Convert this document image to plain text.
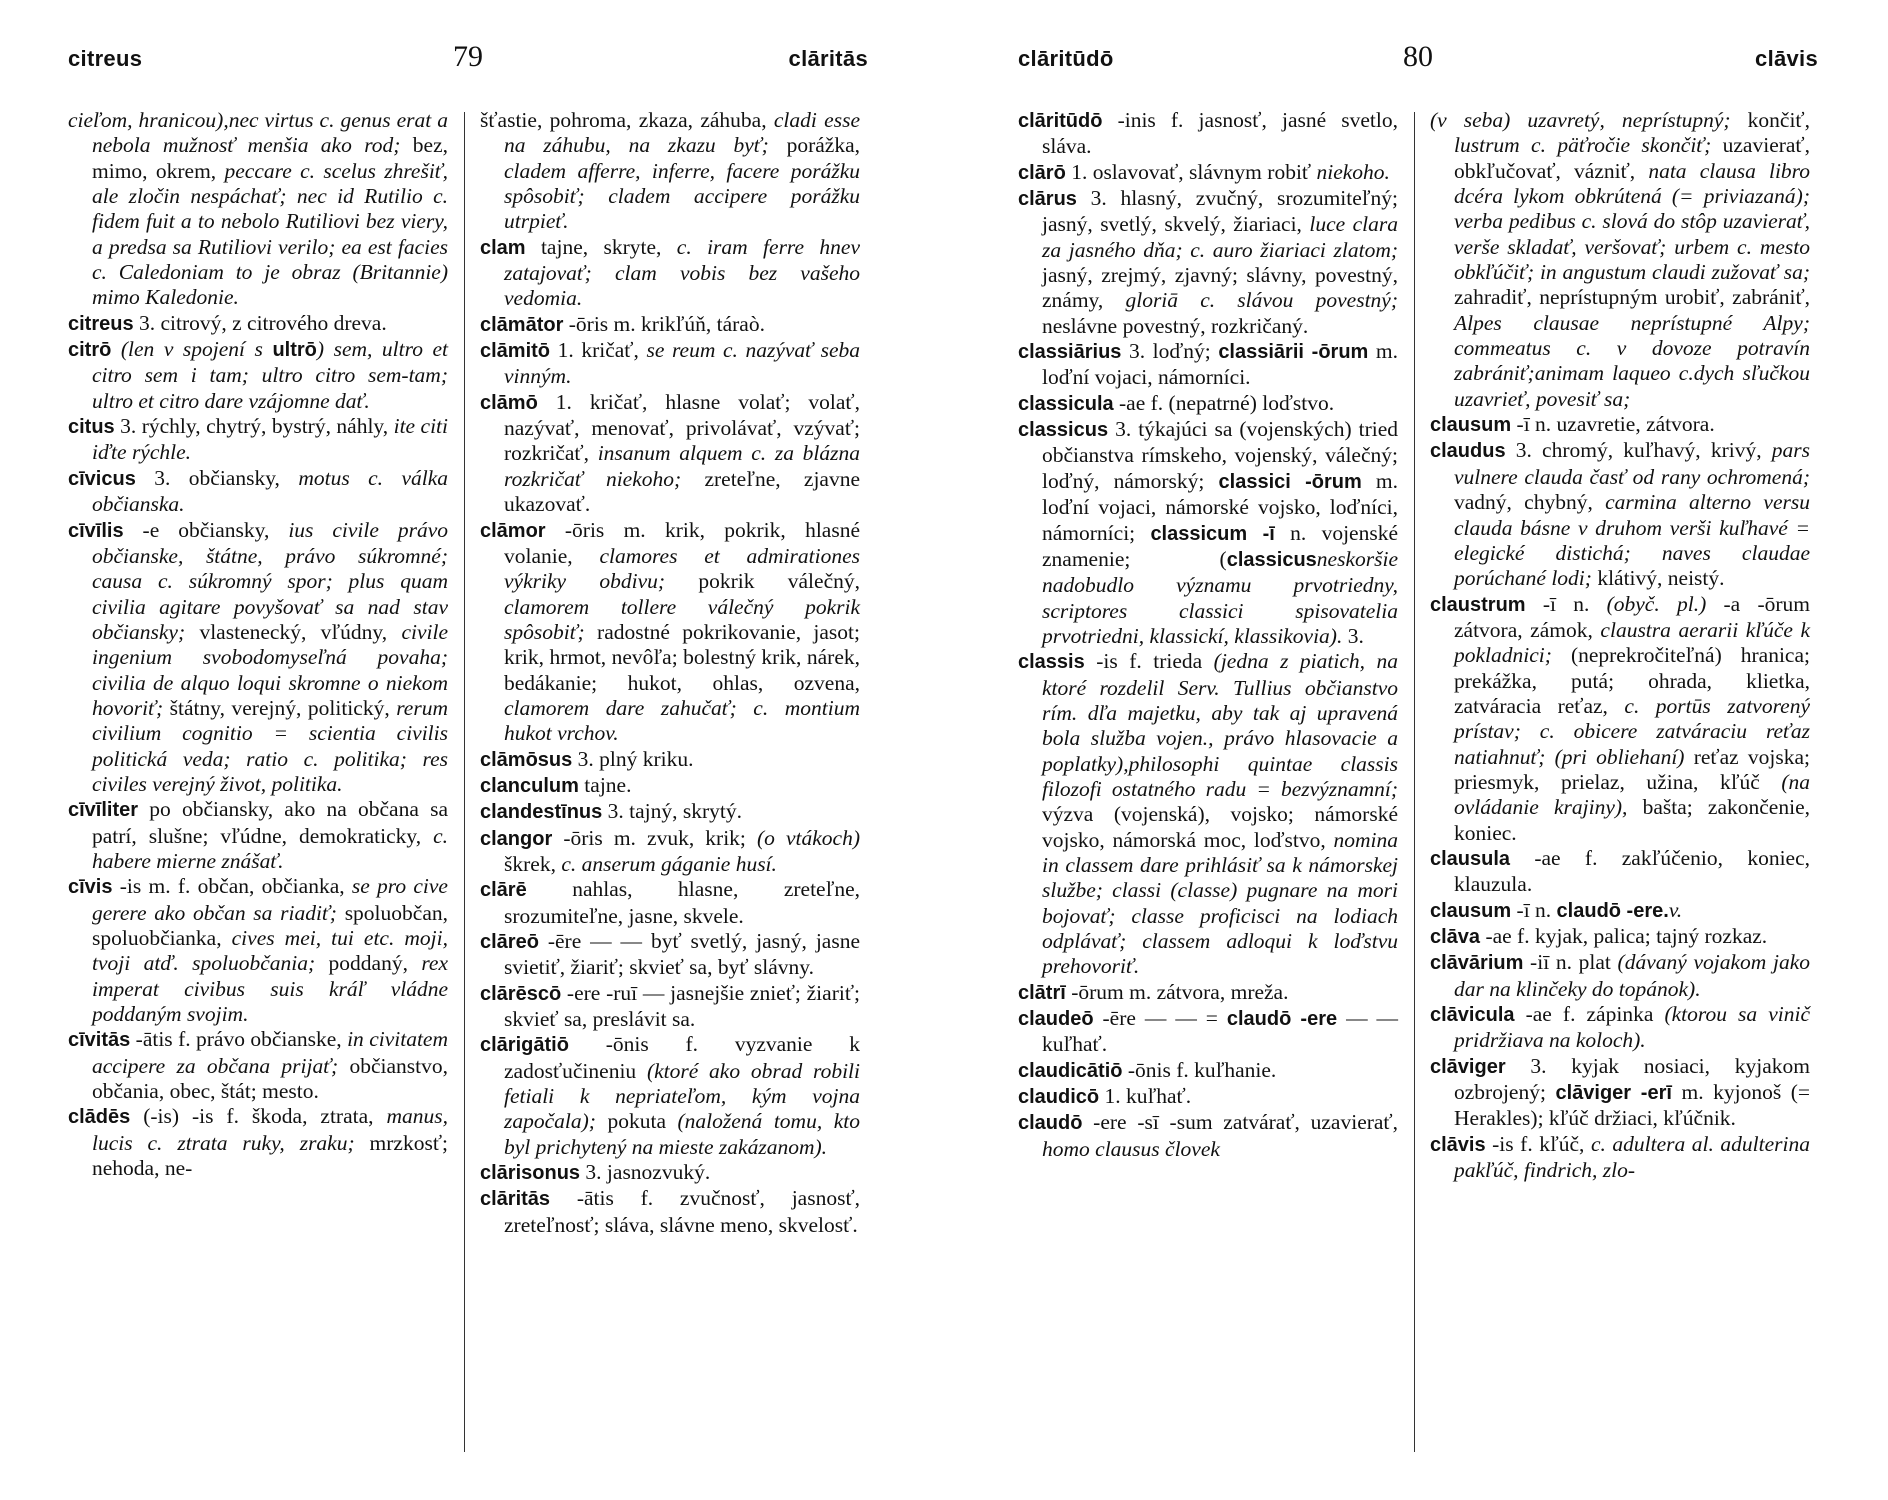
citreus	79	clāritās
cieľom, hranicou),nec virtus c. genus erat a nebola mužnosť menšia ako rod; bez, mimo, okrem, peccare c. scelus zhrešiť, ale zločin nespáchať; nec id Rutilio c. fidem fuit a to nebolo Rutiliovi bez viery, a predsa sa Rutiliovi verilo; ea est facies c. Caledoniam to je obraz (Britannie) mimo Kaledonie.
citreus 3. citrový, z citrového dreva.
citrō (len v spojení s ultrō) sem, ultro et citro sem i tam; ultro citro sem-tam; ultro et citro dare vzájomne dať.
citus 3. rýchly, chytrý, bystrý, náhly, ite citi iďte rýchle.
cīvicus 3. občiansky, motus c. válka občianska.
cīvīlis -e občiansky, ius civile právo občianske, štátne, právo súkromné; causa c. súkromný spor; plus quam civilia agitare povyšovať sa nad stav občiansky; vlastenecký, vľúdny, civile ingenium svobodomyseľná povaha; civilia de alquo loqui skromne o niekom hovoriť; štátny, verejný, politický, rerum civilium cognitio = scientia civilis politická veda; ratio c. politika; res civiles verejný život, politika.
cīvīliter po občiansky, ako na občana sa patrí, slušne; vľúdne, demokraticky, c. habere mierne znášať.
cīvis -is m. f. občan, občianka, se pro cive gerere ako občan sa riadiť; spoluobčan, spoluobčianka, cives mei, tui etc. moji, tvoji atď. spoluobčania; poddaný, rex imperat civibus suis kráľ vládne poddaným svojim.
cīvitās -ātis f. právo občianske, in civitatem accipere za občana prijať; občianstvo, občania, obec, štát; mesto.
clādēs (-is) -is f. škoda, ztrata, manus, lucis c. ztrata ruky, zraku; mrzkosť; nehoda, ne-
šťastie, pohroma, zkaza, záhuba, cladi esse na záhubu, na zkazu byť; porážka, cladem afferre, inferre, facere porážku spôsobiť; cladem accipere porážku utrpieť.
clam tajne, skryte, c. iram ferre hnev zatajovať; clam vobis bez vašeho vedomia.
clāmātor -ōris m. krikľúň, táraò.
clāmitō 1. kričať, se reum c. nazývať seba vinným.
clāmō 1. kričať, hlasne volať; volať, nazývať, menovať, privolávať, vzývať; rozkričať, insanum alquem c. za blázna rozkričať niekoho; zreteľne, zjavne ukazovať.
clāmor -ōris m. krik, pokrik, hlasné volanie, clamores et admirationes výkriky obdivu; pokrik válečný, clamorem tollere válečný pokrik spôsobiť; radostné pokrikovanie, jasot; krik, hrmot, nevôľa; bolestný krik, nárek, bedákanie; hukot, ohlas, ozvena, clamorem dare zahučať; c. montium hukot vrchov.
clāmōsus 3. plný kriku.
clanculum tajne.
clandestīnus 3. tajný, skrytý.
clangor -ōris m. zvuk, krik; (o vtákoch) škrek, c. anserum gáganie husí.
clārē nahlas, hlasne, zreteľne, srozumiteľne, jasne, skvele.
clāreō -ēre — — byť svetlý, jasný, jasne svietiť, žiariť; skvieť sa, byť slávny.
clārēscō -ere -ruī — jasnejšie znieť; žiariť; skvieť sa, preslávit sa.
clārigātiō -ōnis f. vyzvanie k zadosťučineniu (ktoré ako obrad robili fetiali k nepriateľom, kým vojna započala); pokuta (naložená tomu, kto byl prichytený na mieste zakázanom).
clārisonus 3. jasnozvuký.
clāritās -ātis f. zvučnosť, jasnosť, zreteľnosť; sláva, slávne meno, skvelosť.
clāritūdō	80	clāvis
clāritūdō -inis f. jasnosť, jasné svetlo, sláva.
clārō 1. oslavovať, slávnym robiť niekoho.
clārus 3. hlasný, zvučný, srozumiteľný; jasný, svetlý, skvelý, žiariaci, luce clara za jasného dňa; c. auro žiariaci zlatom; jasný, zrejmý, zjavný; slávny, povestný, známy, gloriā c. slávou povestný; neslávne povestný, rozkričaný.
classiārius 3. loďný; classiārii -ōrum m. loďní vojaci, námorníci.
classicula -ae f. (nepatrné) loďstvo.
classicus 3. týkajúci sa (vojenských) tried občianstva rímskeho, vojenský, válečný; loďný, námorský; classici -ōrum m. loďní vojaci, námorské vojsko, loďníci, námorníci; classicum -ī n. vojenské znamenie; (classicusneskoršie nadobudlo významu prvotriedny, scriptores classici spisovatelia prvotriedni, klassickí, klassikovia). 3.
classis -is f. trieda (jedna z piatich, na ktoré rozdelil Serv. Tullius občianstvo rím. dľa majetku, aby tak aj upravená bola služba vojen., právo hlasovacie a poplatky),philosophi quintae classis filozofi ostatného radu = bezvýznamní; výzva (vojenská), vojsko; námorské vojsko, námorská moc, loďstvo, nomina in classem dare prihlásiť sa k námorskej službe; classi (classe) pugnare na mori bojovať; classe proficisci na lodiach odplávať; classem adloqui k loďstvu prehovoriť.
clātrī -ōrum m. zátvora, mreža.
claudeō -ēre — — = claudō -ere — — kuľhať.
claudicātiō -ōnis f. kuľhanie.
claudicō 1. kuľhať.
claudō -ere -sī -sum zatvárať, uzavierať, homo clausus človek
(v seba) uzavretý, neprístupný; končiť, lustrum c. päťročie skončiť; uzavierať, obkľučovať, vázniť, nata clausa libro dcéra lykom obkrútená (= priviazaná); verba pedibus c. slová do stôp uzavierať, verše skladať, veršovať; urbem c. mesto obkľúčiť; in angustum claudi zužovať sa; zahradiť, neprístupným urobiť, zabrániť, Alpes clausae neprístupné Alpy; commeatus c. v dovoze potravín zabrániť;animam laqueo c.dych sľučkou uzavrieť, povesiť sa;
clausum -ī n. uzavretie, zátvora.
claudus 3. chromý, kuľhavý, krivý, pars vulnere clauda časť od rany ochromená; vadný, chybný, carmina alterno versu clauda básne v druhom verši kuľhavé = elegické distichá; naves claudae porúchané lodi; klátivý, neistý.
claustrum -ī n. (obyč. pl.) -a -ōrum zátvora, zámok, claustra aerarii kľúče k pokladnici; (neprekročiteľná) hranica; prekážka, putá; ohrada, klietka, zatváracia reťaz, c. portūs zatvorený prístav; c. obicere zatváraciu reťaz natiahnuť; (pri obliehaní) reťaz vojska; priesmyk, prielaz, užina, kľúč (na ovládanie krajiny), bašta; zakončenie, koniec.
clausula -ae f. zakľúčenio, koniec, klauzula.
clausum -ī n. claudō -ere.v.
clāva -ae f. kyjak, palica; tajný rozkaz.
clāvārium -iī n. plat (dávaný vojakom jako dar na klinčeky do topánok).
clāvicula -ae f. zápinka (ktorou sa vinič pridržiava na koloch).
clāviger 3. kyjak nosiaci, kyjakom ozbrojený; clāviger -erī m. kyjonoš (= Herakles); kľúč držiaci, kľúčnik.
clāvis -is f. kľúč, c. adultera al. adulterina pakľúč, findrich, zlo-
